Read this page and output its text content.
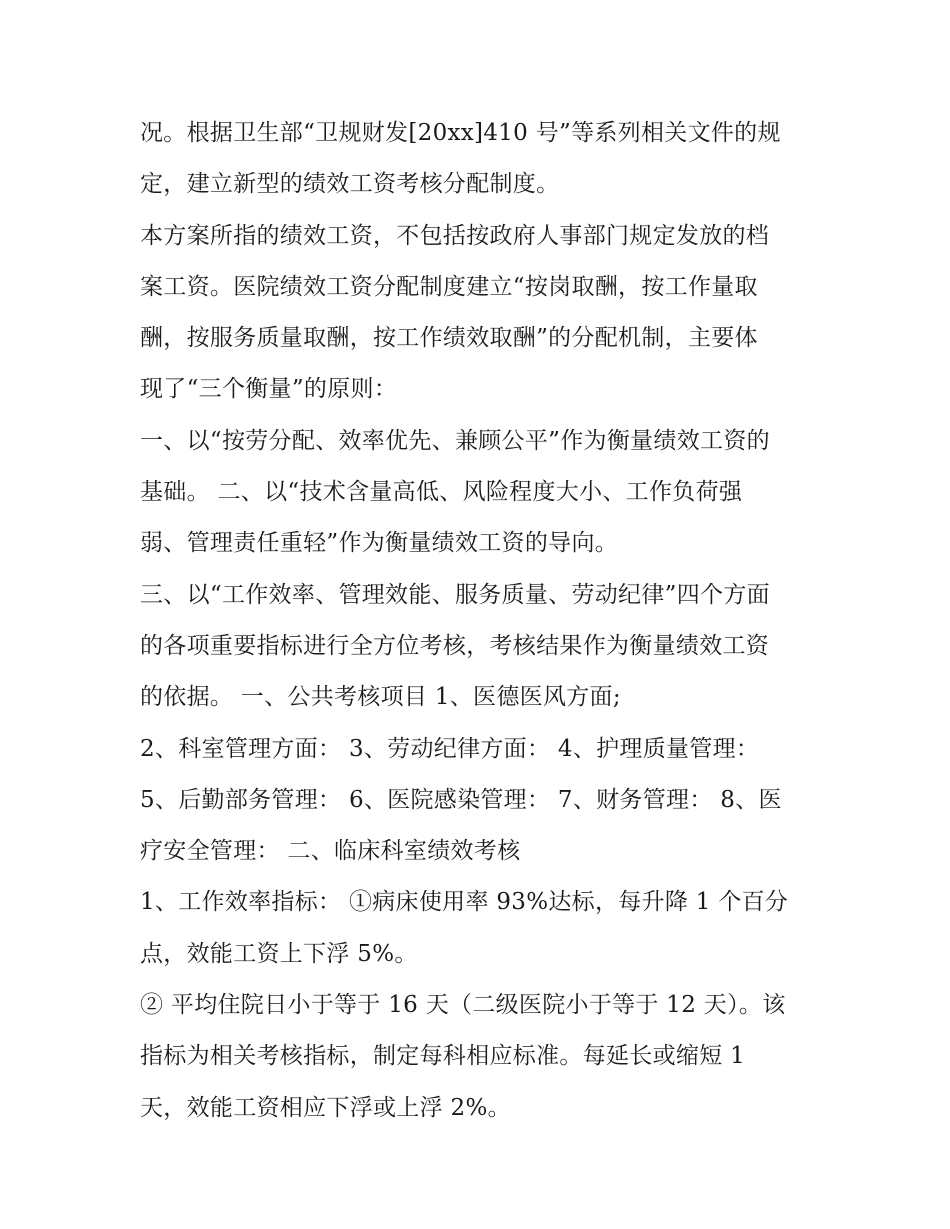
况。根据卫生部“卫规财发[20xx]410 号”等系列相关文件的规
定，建立新型的绩效工资考核分配制度。
本方案所指的绩效工资，不包括按政府人事部门规定发放的档
案工资。医院绩效工资分配制度建立“按岗取酬，按工作量取
酬，按服务质量取酬，按工作绩效取酬”的分配机制，主要体
现了“三个衡量”的原则：
一、以“按劳分配、效率优先、兼顾公平”作为衡量绩效工资的
基础。 二、以“技术含量高低、风险程度大小、工作负荷强
弱、管理责任重轻”作为衡量绩效工资的导向。
三、以“工作效率、管理效能、服务质量、劳动纪律”四个方面
的各项重要指标进行全方位考核，考核结果作为衡量绩效工资
的依据。 一、公共考核项目 1、医德医风方面;
2、科室管理方面： 3、劳动纪律方面： 4、护理质量管理：
5、后勤部务管理： 6、医院感染管理： 7、财务管理： 8、医
疗安全管理： 二、临床科室绩效考核
1、工作效率指标： ①病床使用率 93%达标，每升降 1 个百分
点，效能工资上下浮 5%。
② 平均住院日小于等于 16 天（二级医院小于等于 12 天）。该
指标为相关考核指标，制定每科相应标准。每延长或缩短 1
天，效能工资相应下浮或上浮 2%。
